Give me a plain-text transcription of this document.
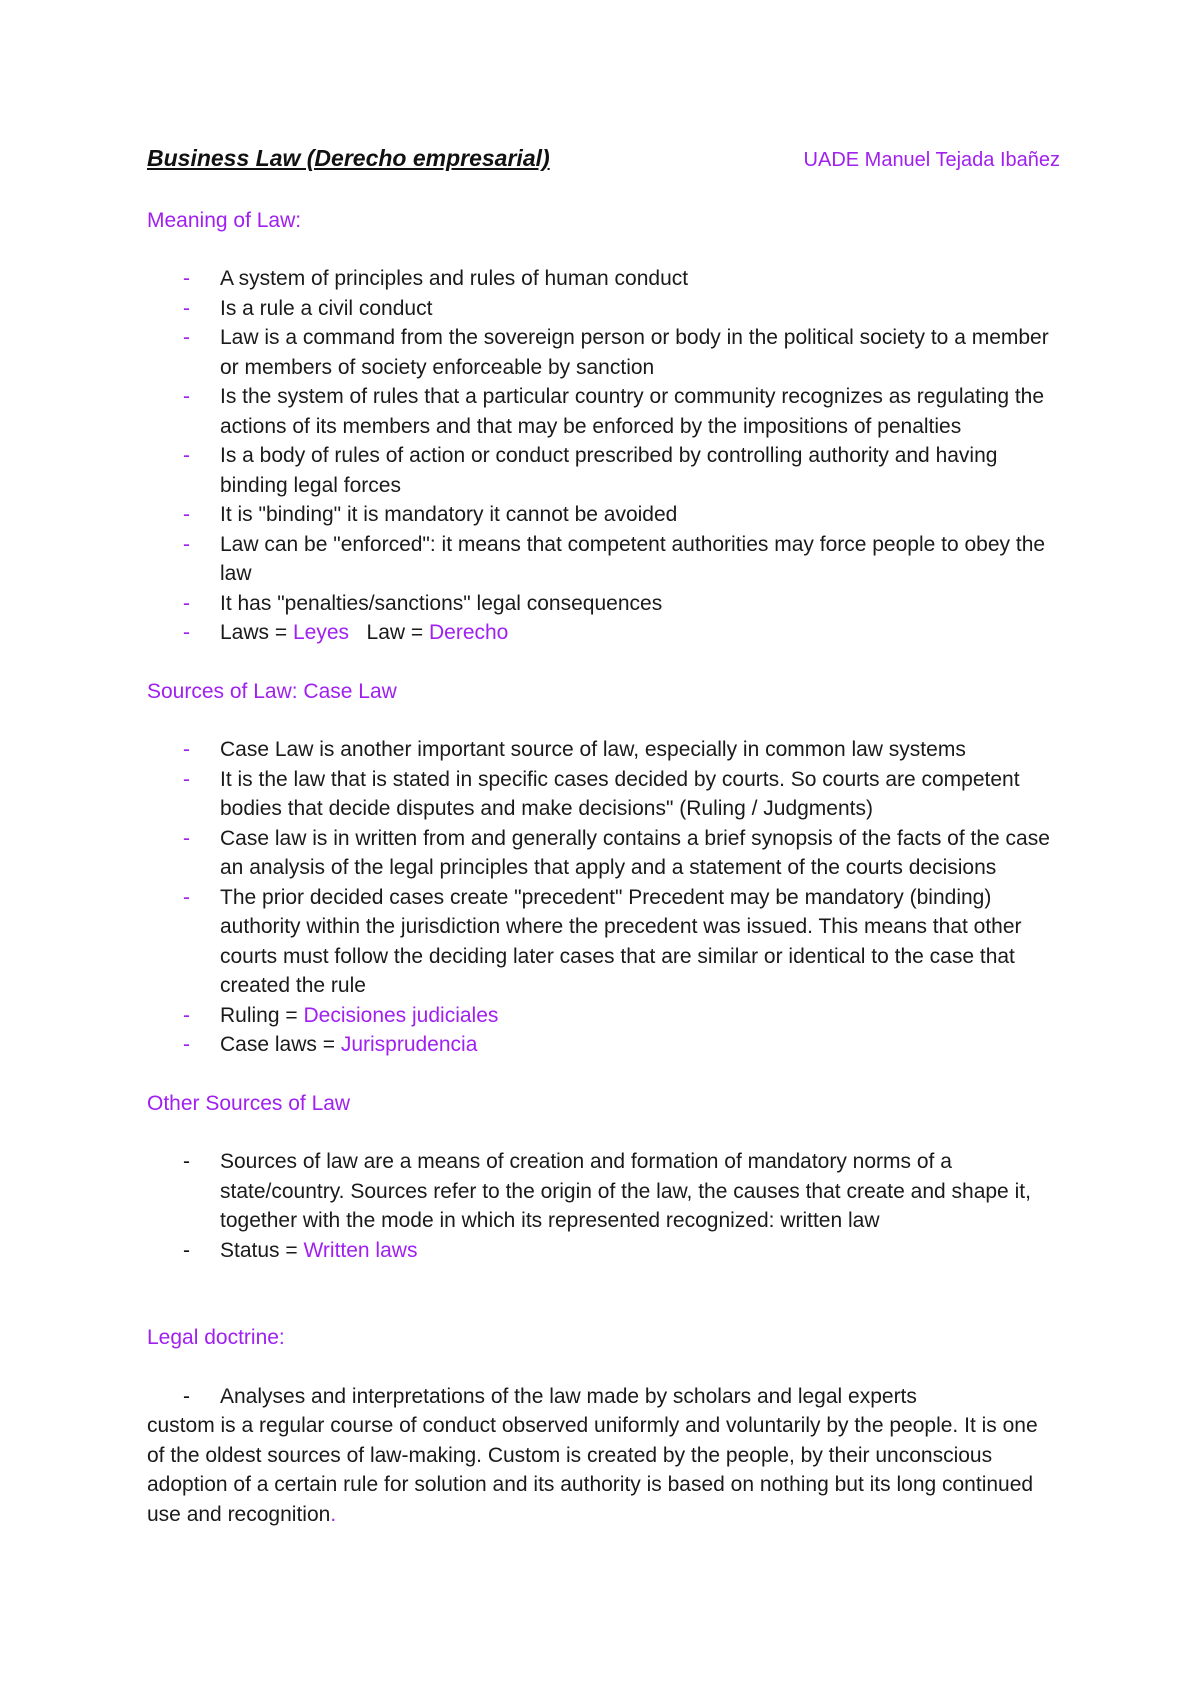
Business Law (Derecho empresarial)	UADE Manuel Tejada Ibañez
Meaning of Law:
- A system of principles and rules of human conduct
- Is a rule a civil conduct
- Law is a command from the sovereign person or body in the political society to a member or members of society enforceable by sanction
- Is the system of rules that a particular country or community recognizes as regulating the actions of its members and that may be enforced by the impositions of penalties
- Is a body of rules of action or conduct prescribed by controlling authority and having binding legal forces
- It is "binding" it is mandatory it cannot be avoided
- Law can be "enforced": it means that competent authorities may force people to obey the law
- It has "penalties/sanctions" legal consequences
- Laws = Leyes   Law = Derecho
Sources of Law: Case Law
- Case Law is another important source of law, especially in common law systems
- It is the law that is stated in specific cases decided by courts. So courts are competent bodies that decide disputes and make decisions" (Ruling / Judgments)
- Case law is in written from and generally contains a brief synopsis of the facts of the case an analysis of the legal principles that apply and a statement of the courts decisions
- The prior decided cases create "precedent" Precedent may be mandatory (binding) authority within the jurisdiction where the precedent was issued. This means that other courts must follow the deciding later cases that are similar or identical to the case that created the rule
- Ruling = Decisiones judiciales
- Case laws = Jurisprudencia
Other Sources of Law
- Sources of law are a means of creation and formation of mandatory norms of a state/country. Sources refer to the origin of the law, the causes that create and shape it, together with the mode in which its represented recognized: written law
- Status = Written laws
Legal doctrine:
- Analyses and interpretations of the law made by scholars and legal experts

custom is a regular course of conduct observed uniformly and voluntarily by the people. It is one of the oldest sources of law-making. Custom is created by the people, by their unconscious adoption of a certain rule for solution and its authority is based on nothing but its long continued use and recognition.
